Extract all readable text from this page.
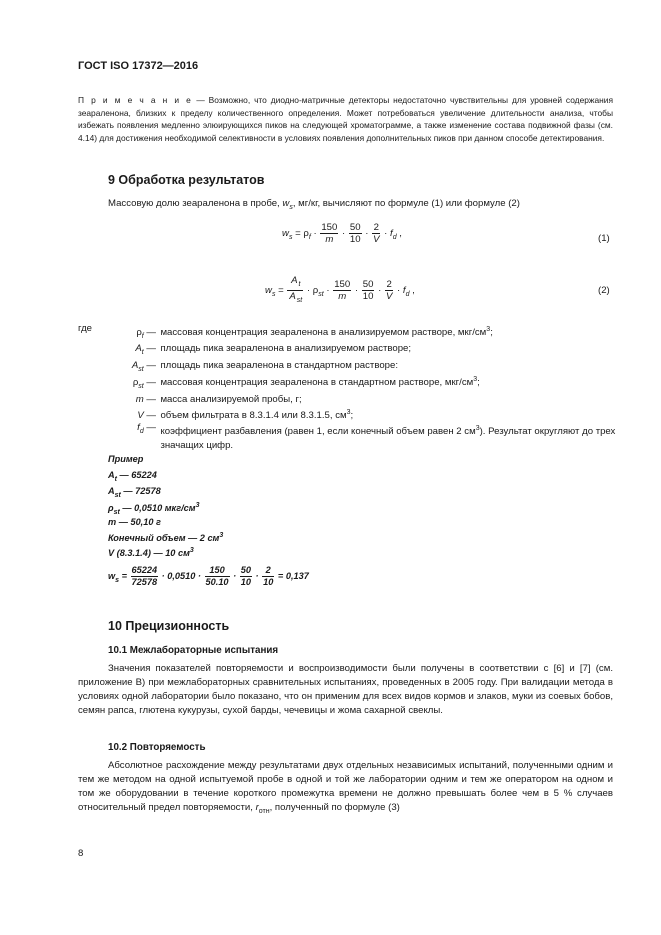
ГОСТ ISO 17372—2016
П р и м е ч а н и е — Возможно, что диодно-матричные детекторы недостаточно чувствительны для уровней содержания зеараленона, близких к пределу количественного определения. Может потребоваться увеличение длительности анализа, чтобы избежать появления медленно элюирующихся пиков на следующей хроматограмме, а также изменение состава подвижной фазы (см. 4.14) для достижения необходимой селективности в условиях появления дополнительных пиков при данном способе детектирования.
9 Обработка результатов
Массовую долю зеараленона в пробе, $w_s$, мг/кг, вычисляют по формуле (1) или формуле (2)
$w_s = \rho_f \cdot \frac{150}{m} \cdot \frac{50}{10} \cdot \frac{2}{V} \cdot f_d$ ,	(1)
$w_s = \frac{A_t}{A_{st}} \cdot \rho_{st} \cdot \frac{150}{m} \cdot \frac{50}{10} \cdot \frac{2}{V} \cdot f_d$ ,	(2)
где	$\rho_f$ — массовая концентрация зеараленона в анализируемом растворе, мкг/$см^3$;
$A_t$ — площадь пика зеараленона в анализируемом растворе;
$A_{st}$ — площадь пика зеараленона в стандартном растворе:
$\rho_{st}$ — массовая концентрация зеараленона в стандартном растворе, мкг/$см^3$;
m — масса анализируемой пробы, г;
V — объем фильтрата в 8.3.1.4 или 8.3.1.5, $см^3$;
$f_d$ — коэффициент разбавления (равен 1, если конечный объем равен 2 $см^3$). Результат округляют до трех значащих цифр.
Пример
$A_t$ — 65224
$A_{st}$ — 72578
$\rho_{st}$ — 0,0510 мкг/$см^3$
m — 50,10 г
Конечный объем — 2 $см^3$
V (8.3.1.4) — 10 $см^3$
$w_s = \frac{65224}{72578} \cdot 0,0510 \cdot \frac{150}{50.10} \cdot \frac{50}{10} \cdot \frac{2}{10} = 0,137$
10 Прецизионность
10.1 Межлабораторные испытания
Значения показателей повторяемости и воспроизводимости были получены в соответствии с [6] и [7] (см. приложение В) при межлабораторных сравнительных испытаниях, проведенных в 2005 году. При валидации метода в условиях одной лаборатории было показано, что он применим для всех видов кормов и злаков, муки из соевых бобов, семян рапса, глютена кукурузы, сухой барды, чечевицы и жома сахарной свеклы.
10.2 Повторяемость
Абсолютное расхождение между результатами двух отдельных независимых испытаний, полученными одним и тем же методом на одной испытуемой пробе в одной и той же лаборатории одним и тем же оператором на одном и том же оборудовании в течение короткого промежутка времени не должно превышать более чем в 5 % случаев относительный предел повторяемости, $r_{отн}$, полученный по формуле (3)
8
